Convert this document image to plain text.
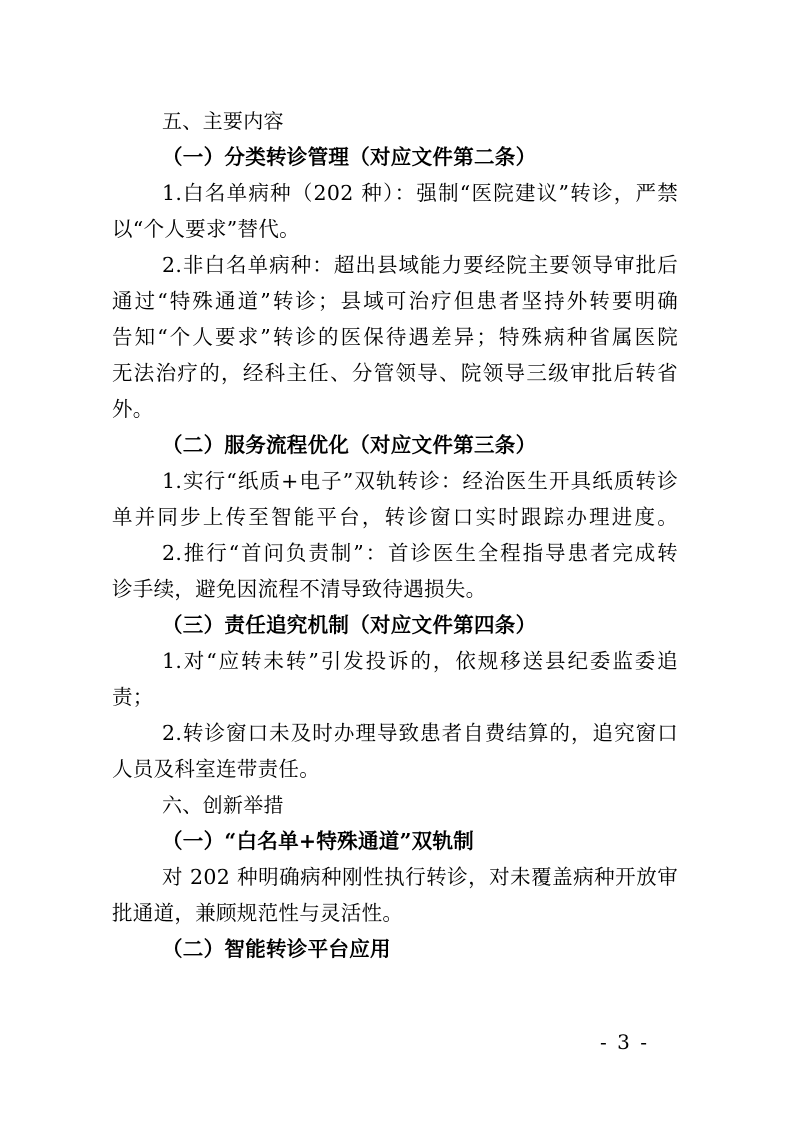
五、主要内容
（一）分类转诊管理（对应文件第二条）
1.白名单病种（202 种）：强制“医院建议”转诊，严禁
以“个人要求”替代。
2.非白名单病种：超出县域能力要经院主要领导审批后
通过“特殊通道”转诊；县域可治疗但患者坚持外转要明确
告知“个人要求”转诊的医保待遇差异；特殊病种省属医院
无法治疗的，经科主任、分管领导、院领导三级审批后转省
外。
（二）服务流程优化（对应文件第三条）
1.实行“纸质+电子”双轨转诊：经治医生开具纸质转诊
单并同步上传至智能平台，转诊窗口实时跟踪办理进度。
2.推行“首问负责制”：首诊医生全程指导患者完成转
诊手续，避免因流程不清导致待遇损失。
（三）责任追究机制（对应文件第四条）
1.对“应转未转”引发投诉的，依规移送县纪委监委追
责；
2.转诊窗口未及时办理导致患者自费结算的，追究窗口
人员及科室连带责任。
六、创新举措
（一）“白名单+特殊通道”双轨制
对 202 种明确病种刚性执行转诊，对未覆盖病种开放审
批通道，兼顾规范性与灵活性。
（二）智能转诊平台应用
- 3 -
